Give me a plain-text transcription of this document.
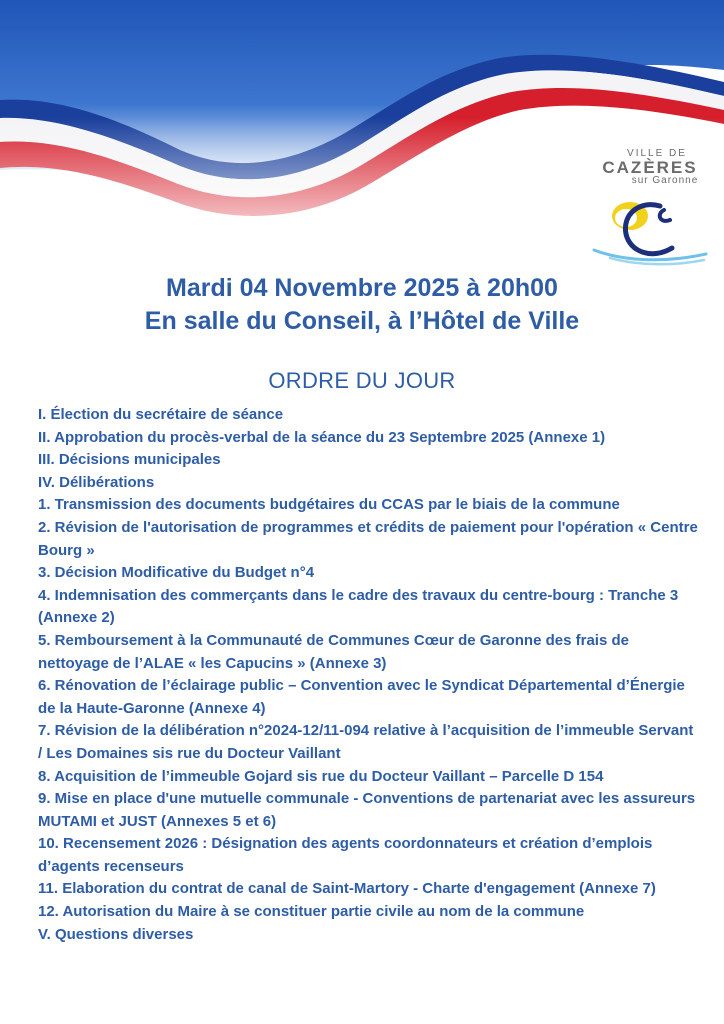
VILLE DE
CAZÈRES
sur Garonne
Mardi 04 Novembre 2025 à 20h00
En salle du Conseil, à l’Hôtel de Ville
ORDRE DU JOUR
I. Élection du secrétaire de séance
II. Approbation du procès-verbal de la séance du 23 Septembre 2025 (Annexe 1)
III. Décisions municipales
IV. Délibérations
1. Transmission des documents budgétaires du CCAS par le biais de la commune
2. Révision de l'autorisation de programmes et crédits de paiement pour l'opération « Centre Bourg »
3. Décision Modificative du Budget n°4
4. Indemnisation des commerçants dans le cadre des travaux du centre-bourg : Tranche 3 (Annexe 2)
5. Remboursement à la Communauté de Communes Cœur de Garonne des frais de nettoyage de l’ALAE « les Capucins » (Annexe 3)
6. Rénovation de l’éclairage public – Convention avec le Syndicat Départemental d’Énergie de la Haute-Garonne (Annexe 4)
7. Révision de la délibération n°2024-12/11-094 relative à l’acquisition de l’immeuble Servant / Les Domaines sis rue du Docteur Vaillant
8. Acquisition de l’immeuble Gojard sis rue du Docteur Vaillant – Parcelle D 154
9. Mise en place d'une mutuelle communale - Conventions de partenariat avec les assureurs MUTAMI et JUST (Annexes 5 et 6)
10. Recensement 2026 : Désignation des agents coordonnateurs et création d’emplois d’agents recenseurs
11. Elaboration du contrat de canal de Saint-Martory - Charte d'engagement (Annexe 7)
12. Autorisation du Maire à se constituer partie civile au nom de la commune
V. Questions diverses
